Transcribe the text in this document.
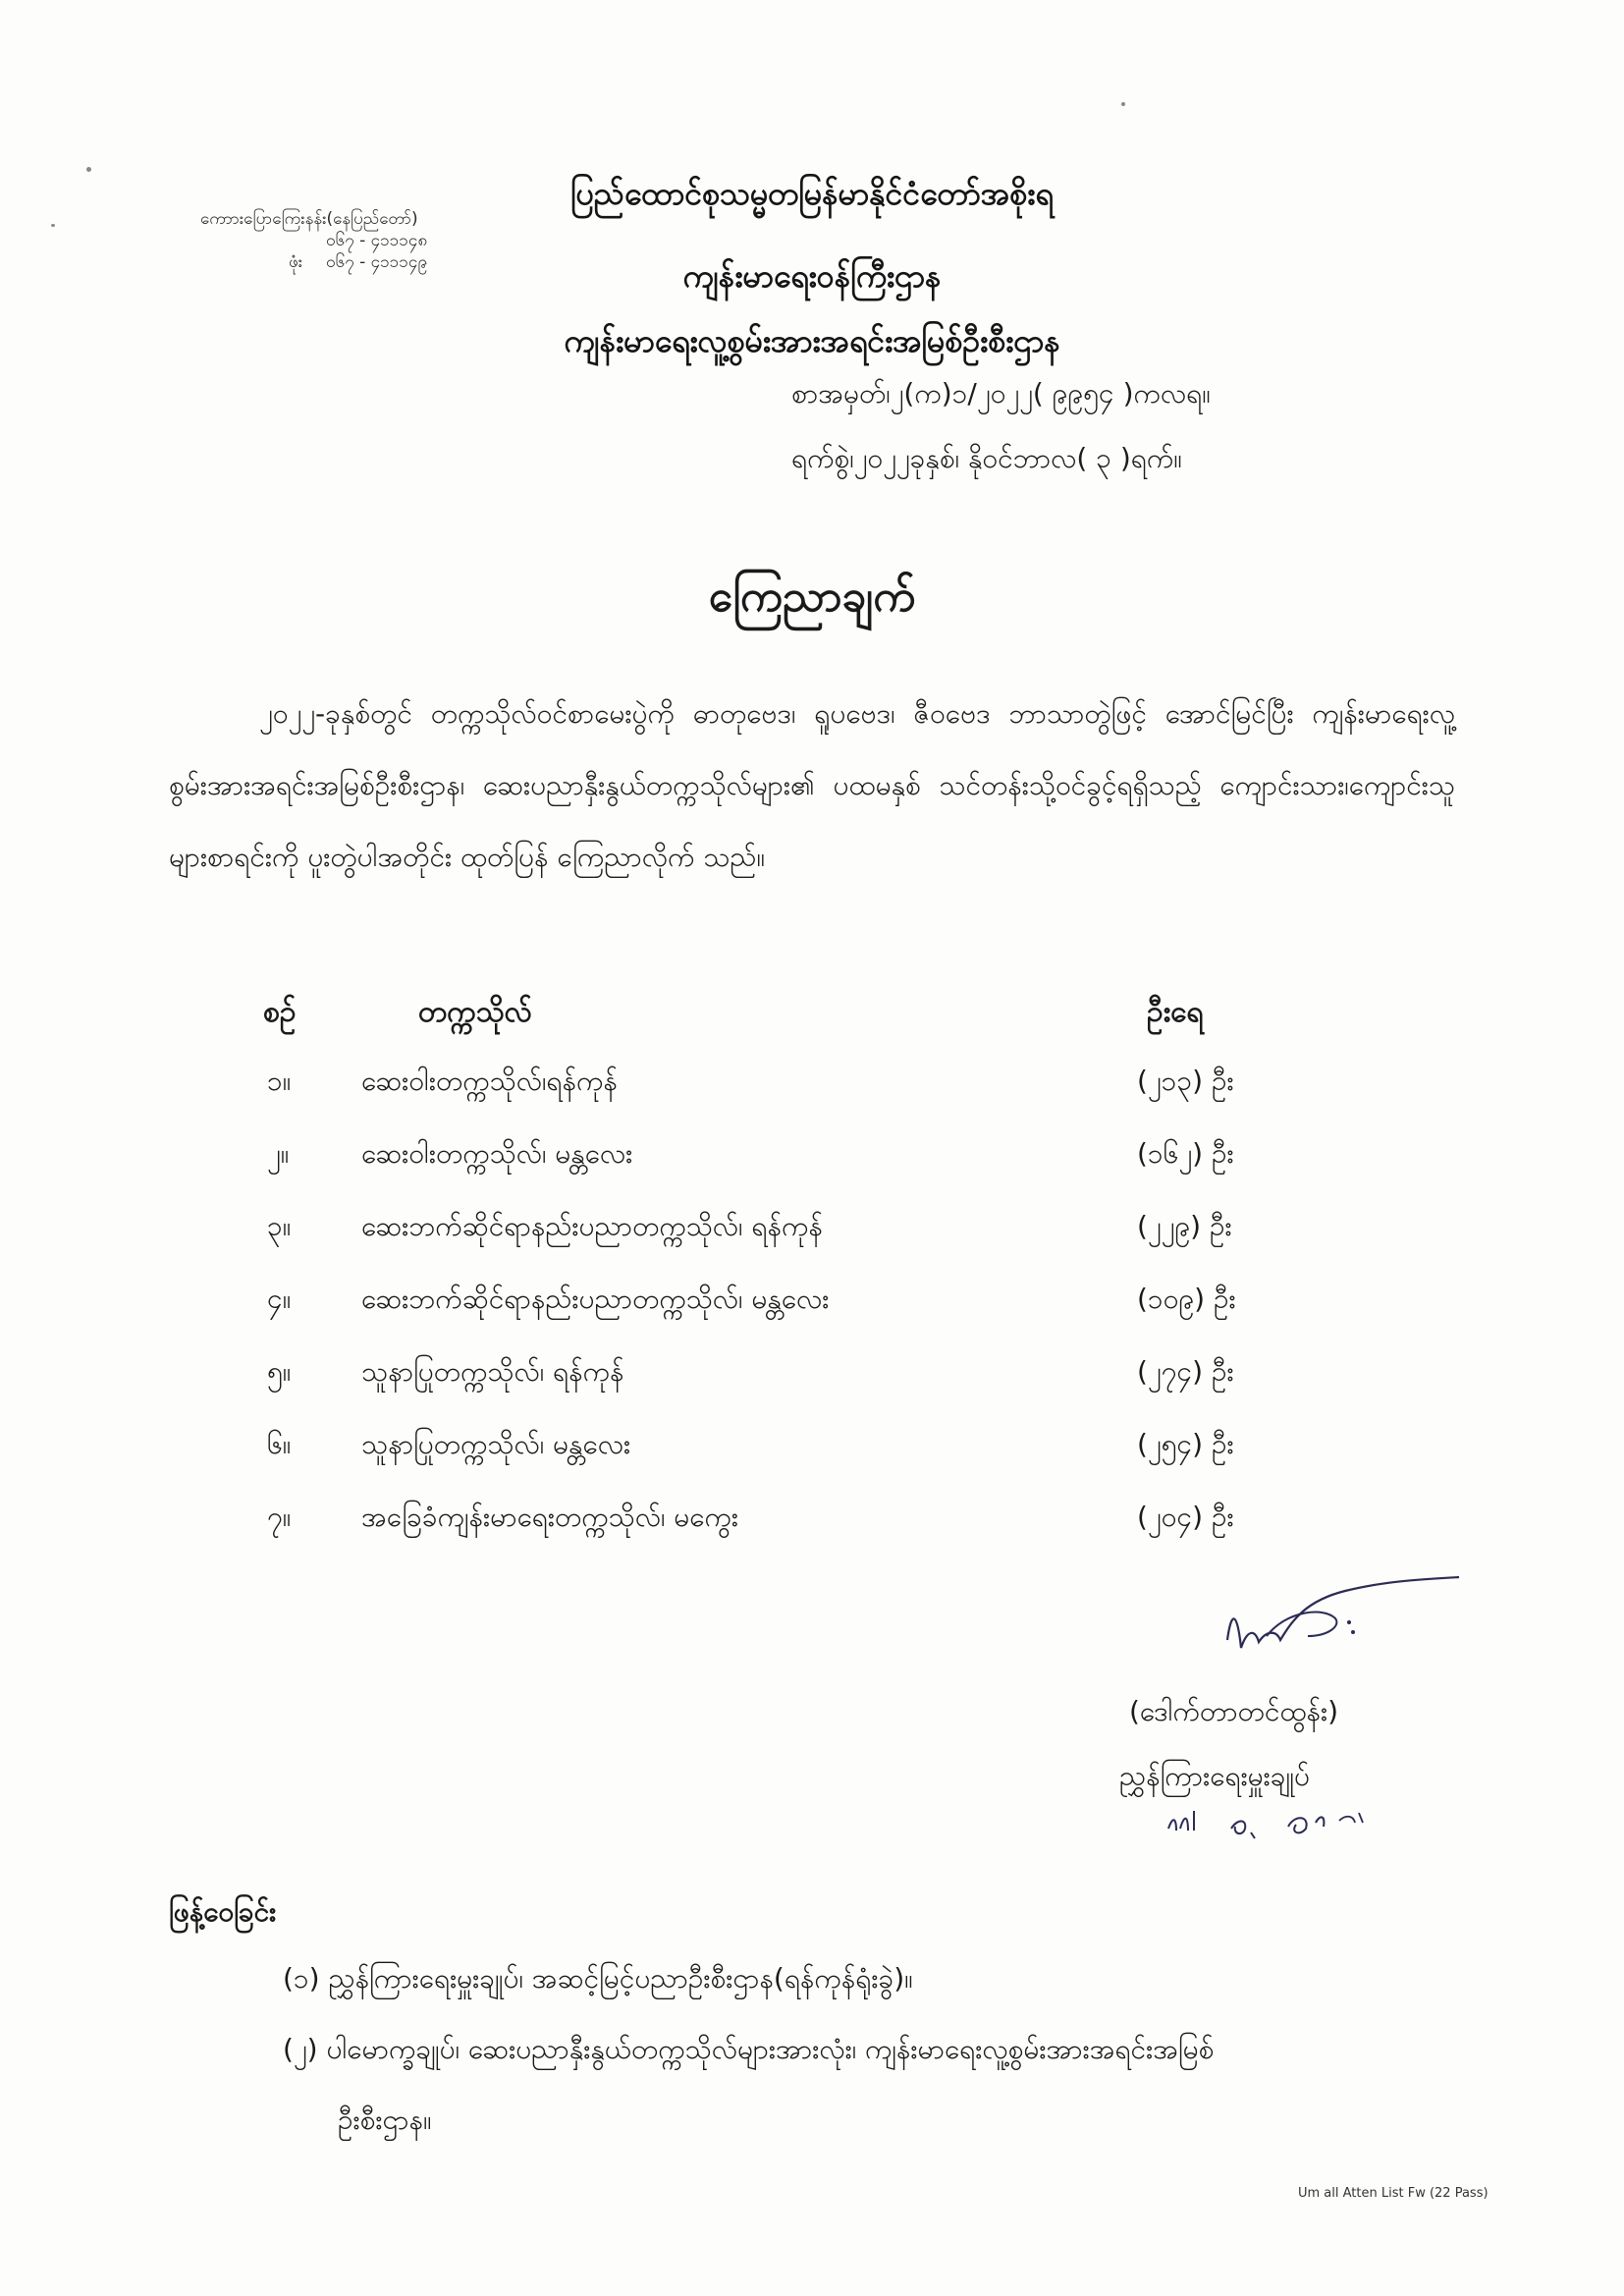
ကောားပြောကြေးနန်း(နေပြည်တော်)
၀၆၇ - ၄၁၁၁၄၈
ဖုံး	၀၆၇ - ၄၁၁၁၄၉
ပြည်ထောင်စုသမ္မတမြန်မာနိုင်ငံတော်အစိုးရ
ကျန်းမာရေးဝန်ကြီးဌာန
ကျန်းမာရေးလူ့စွမ်းအားအရင်းအမြစ်ဦးစီးဌာန
စာအမှတ်၊၂(က)၁/၂၀၂၂( ၉၉၅၄ )ကလရ။
ရက်စွဲ၊၂၀၂၂ခုနှစ်၊ နိုဝင်ဘာလ( ၃ )ရက်။
ကြေညာချက်

၂၀၂၂-ခုနှစ်တွင် တက္ကသိုလ်ဝင်စာမေးပွဲကို ဓာတုဗေဒ၊ ရူပဗေဒ၊ ဇီဝဗေဒ ဘာသာတွဲဖြင့် အောင်မြင်ပြီး ကျန်းမာရေးလူ့စွမ်းအားအရင်းအမြစ်ဦးစီးဌာန၊ ဆေးပညာနှီးနွယ်တက္ကသိုလ်များ၏ ပထမနှစ် သင်တန်းသို့ဝင်ခွင့်ရရှိသည့် ကျောင်းသား၊ကျောင်းသူများစာရင်းကို ပူးတွဲပါအတိုင်း ထုတ်ပြန် ကြေညာလိုက် သည်။

စဉ်	တက္ကသိုလ်	ဦးရေ
၁။	ဆေးဝါးတက္ကသိုလ်၊ရန်ကုန်	(၂၁၃) ဦး
၂။	ဆေးဝါးတက္ကသိုလ်၊ မန္တလေး	(၁၆၂) ဦး
၃။	ဆေးဘက်ဆိုင်ရာနည်းပညာတက္ကသိုလ်၊ ရန်ကုန်	(၂၂၉) ဦး
၄။	ဆေးဘက်ဆိုင်ရာနည်းပညာတက္ကသိုလ်၊ မန္တလေး	(၁၀၉) ဦး
၅။	သူနာပြုတက္ကသိုလ်၊ ရန်ကုန်	(၂၇၄) ဦး
၆။	သူနာပြုတက္ကသိုလ်၊ မန္တလေး	(၂၅၄) ဦး
၇။	အခြေခံကျန်းမာရေးတက္ကသိုလ်၊ မကွေး	(၂၀၄) ဦး
(ဒေါက်တာတင်ထွန်း)
ညွှန်ကြားရေးမှူးချုပ်
ဖြန့်ဝေခြင်း
(၁) ညွှန်ကြားရေးမှူးချုပ်၊ အဆင့်မြင့်ပညာဦးစီးဌာန(ရန်ကုန်ရုံးခွဲ)။
(၂) ပါမောက္ခချုပ်၊ ဆေးပညာနှီးနွယ်တက္ကသိုလ်များအားလုံး၊ ကျန်းမာရေးလူ့စွမ်းအားအရင်းအမြစ်
ဦးစီးဌာန။
Um all Atten List Fw (22 Pass)
